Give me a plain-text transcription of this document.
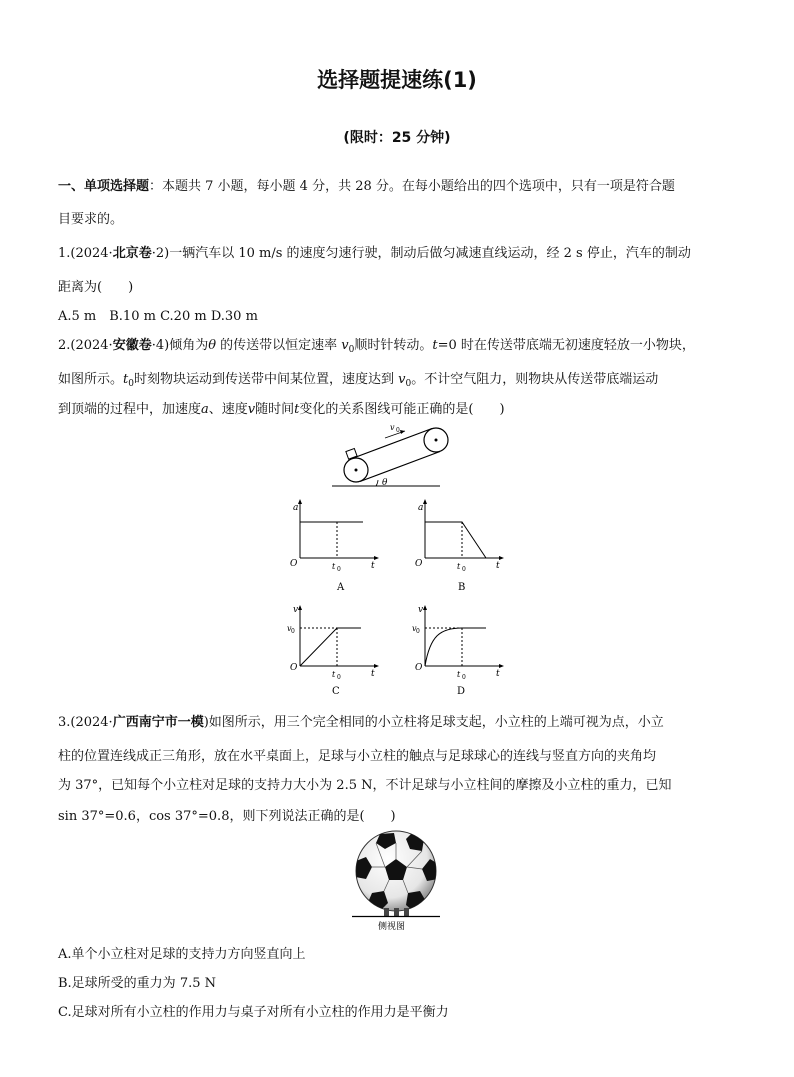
选择题提速练(1)
(限时：25 分钟)
一、单项选择题：本题共 7 小题，每小题 4 分，共 28 分。在每小题给出的四个选项中，只有一项是符合题
目要求的。
1.(2024·北京卷·2)一辆汽车以 10 m/s 的速度匀速行驶，制动后做匀减速直线运动，经 2 s 停止，汽车的制动
距离为(　　)
A.5 m　B.10 m C.20 m D.30 m
2.(2024·安徽卷·4)倾角为θ 的传送带以恒定速率 $v_0$顺时针转动。t=0 时在传送带底端无初速度轻放一小物块，
如图所示。$t_0$时刻物块运动到传送带中间某位置，速度达到 $v_0$。不计空气阻力，则物块从传送带底端运动
到顶端的过程中，加速度a、速度v随时间t变化的关系图线可能正确的是(　　)
v 0
θ
a
O	t
t 0
A
a
O	t
t 0
B
v
v 0
O
t
t 0
C
v
v 0
O
t
t 0
D
3.(2024·广西南宁市一模)如图所示，用三个完全相同的小立柱将足球支起，小立柱的上端可视为点，小立
柱的位置连线成正三角形，放在水平桌面上，足球与小立柱的触点与足球球心的连线与竖直方向的夹角均
为 37°，已知每个小立柱对足球的支持力大小为 2.5 N，不计足球与小立柱间的摩擦及小立柱的重力，已知
sin 37°=0.6，cos 37°=0.8，则下列说法正确的是(　　)
侧视图
A.单个小立柱对足球的支持力方向竖直向上
B.足球所受的重力为 7.5 N
C.足球对所有小立柱的作用力与桌子对所有小立柱的作用力是平衡力
